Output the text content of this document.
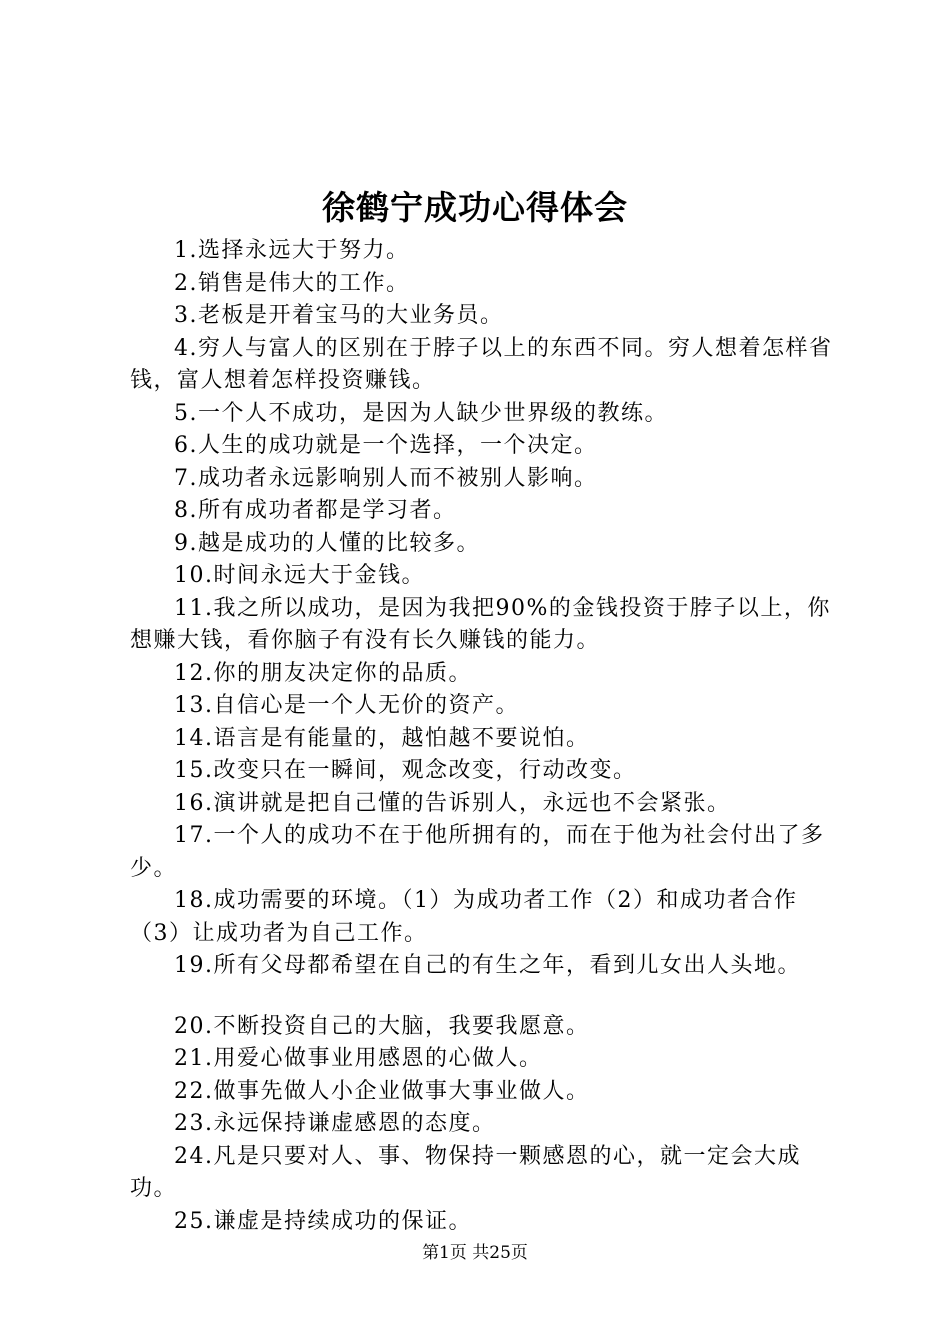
徐鹤宁成功心得体会

1.选择永远大于努力。

2.销售是伟大的工作。

3.老板是开着宝马的大业务员。

4.穷人与富人的区别在于脖子以上的东西不同。穷人想着怎样省钱，富人想着怎样投资赚钱。

5.一个人不成功，是因为人缺少世界级的教练。

6.人生的成功就是一个选择，一个决定。

7.成功者永远影响别人而不被别人影响。

8.所有成功者都是学习者。

9.越是成功的人懂的比较多。

10.时间永远大于金钱。

11.我之所以成功，是因为我把90%的金钱投资于脖子以上，你想赚大钱，看你脑子有没有长久赚钱的能力。

12.你的朋友决定你的品质。

13.自信心是一个人无价的资产。

14.语言是有能量的，越怕越不要说怕。

15.改变只在一瞬间，观念改变，行动改变。

16.演讲就是把自己懂的告诉别人，永远也不会紧张。

17.一个人的成功不在于他所拥有的，而在于他为社会付出了多少。

18.成功需要的环境。（1）为成功者工作（2）和成功者合作（3）让成功者为自己工作。

19.所有父母都希望在自己的有生之年，看到儿女出人头地。

20.不断投资自己的大脑，我要我愿意。

21.用爱心做事业用感恩的心做人。

22.做事先做人小企业做事大事业做人。

23.永远保持谦虚感恩的态度。

24.凡是只要对人、事、物保持一颗感恩的心，就一定会大成功。

25.谦虚是持续成功的保证。

第1页 共25页
